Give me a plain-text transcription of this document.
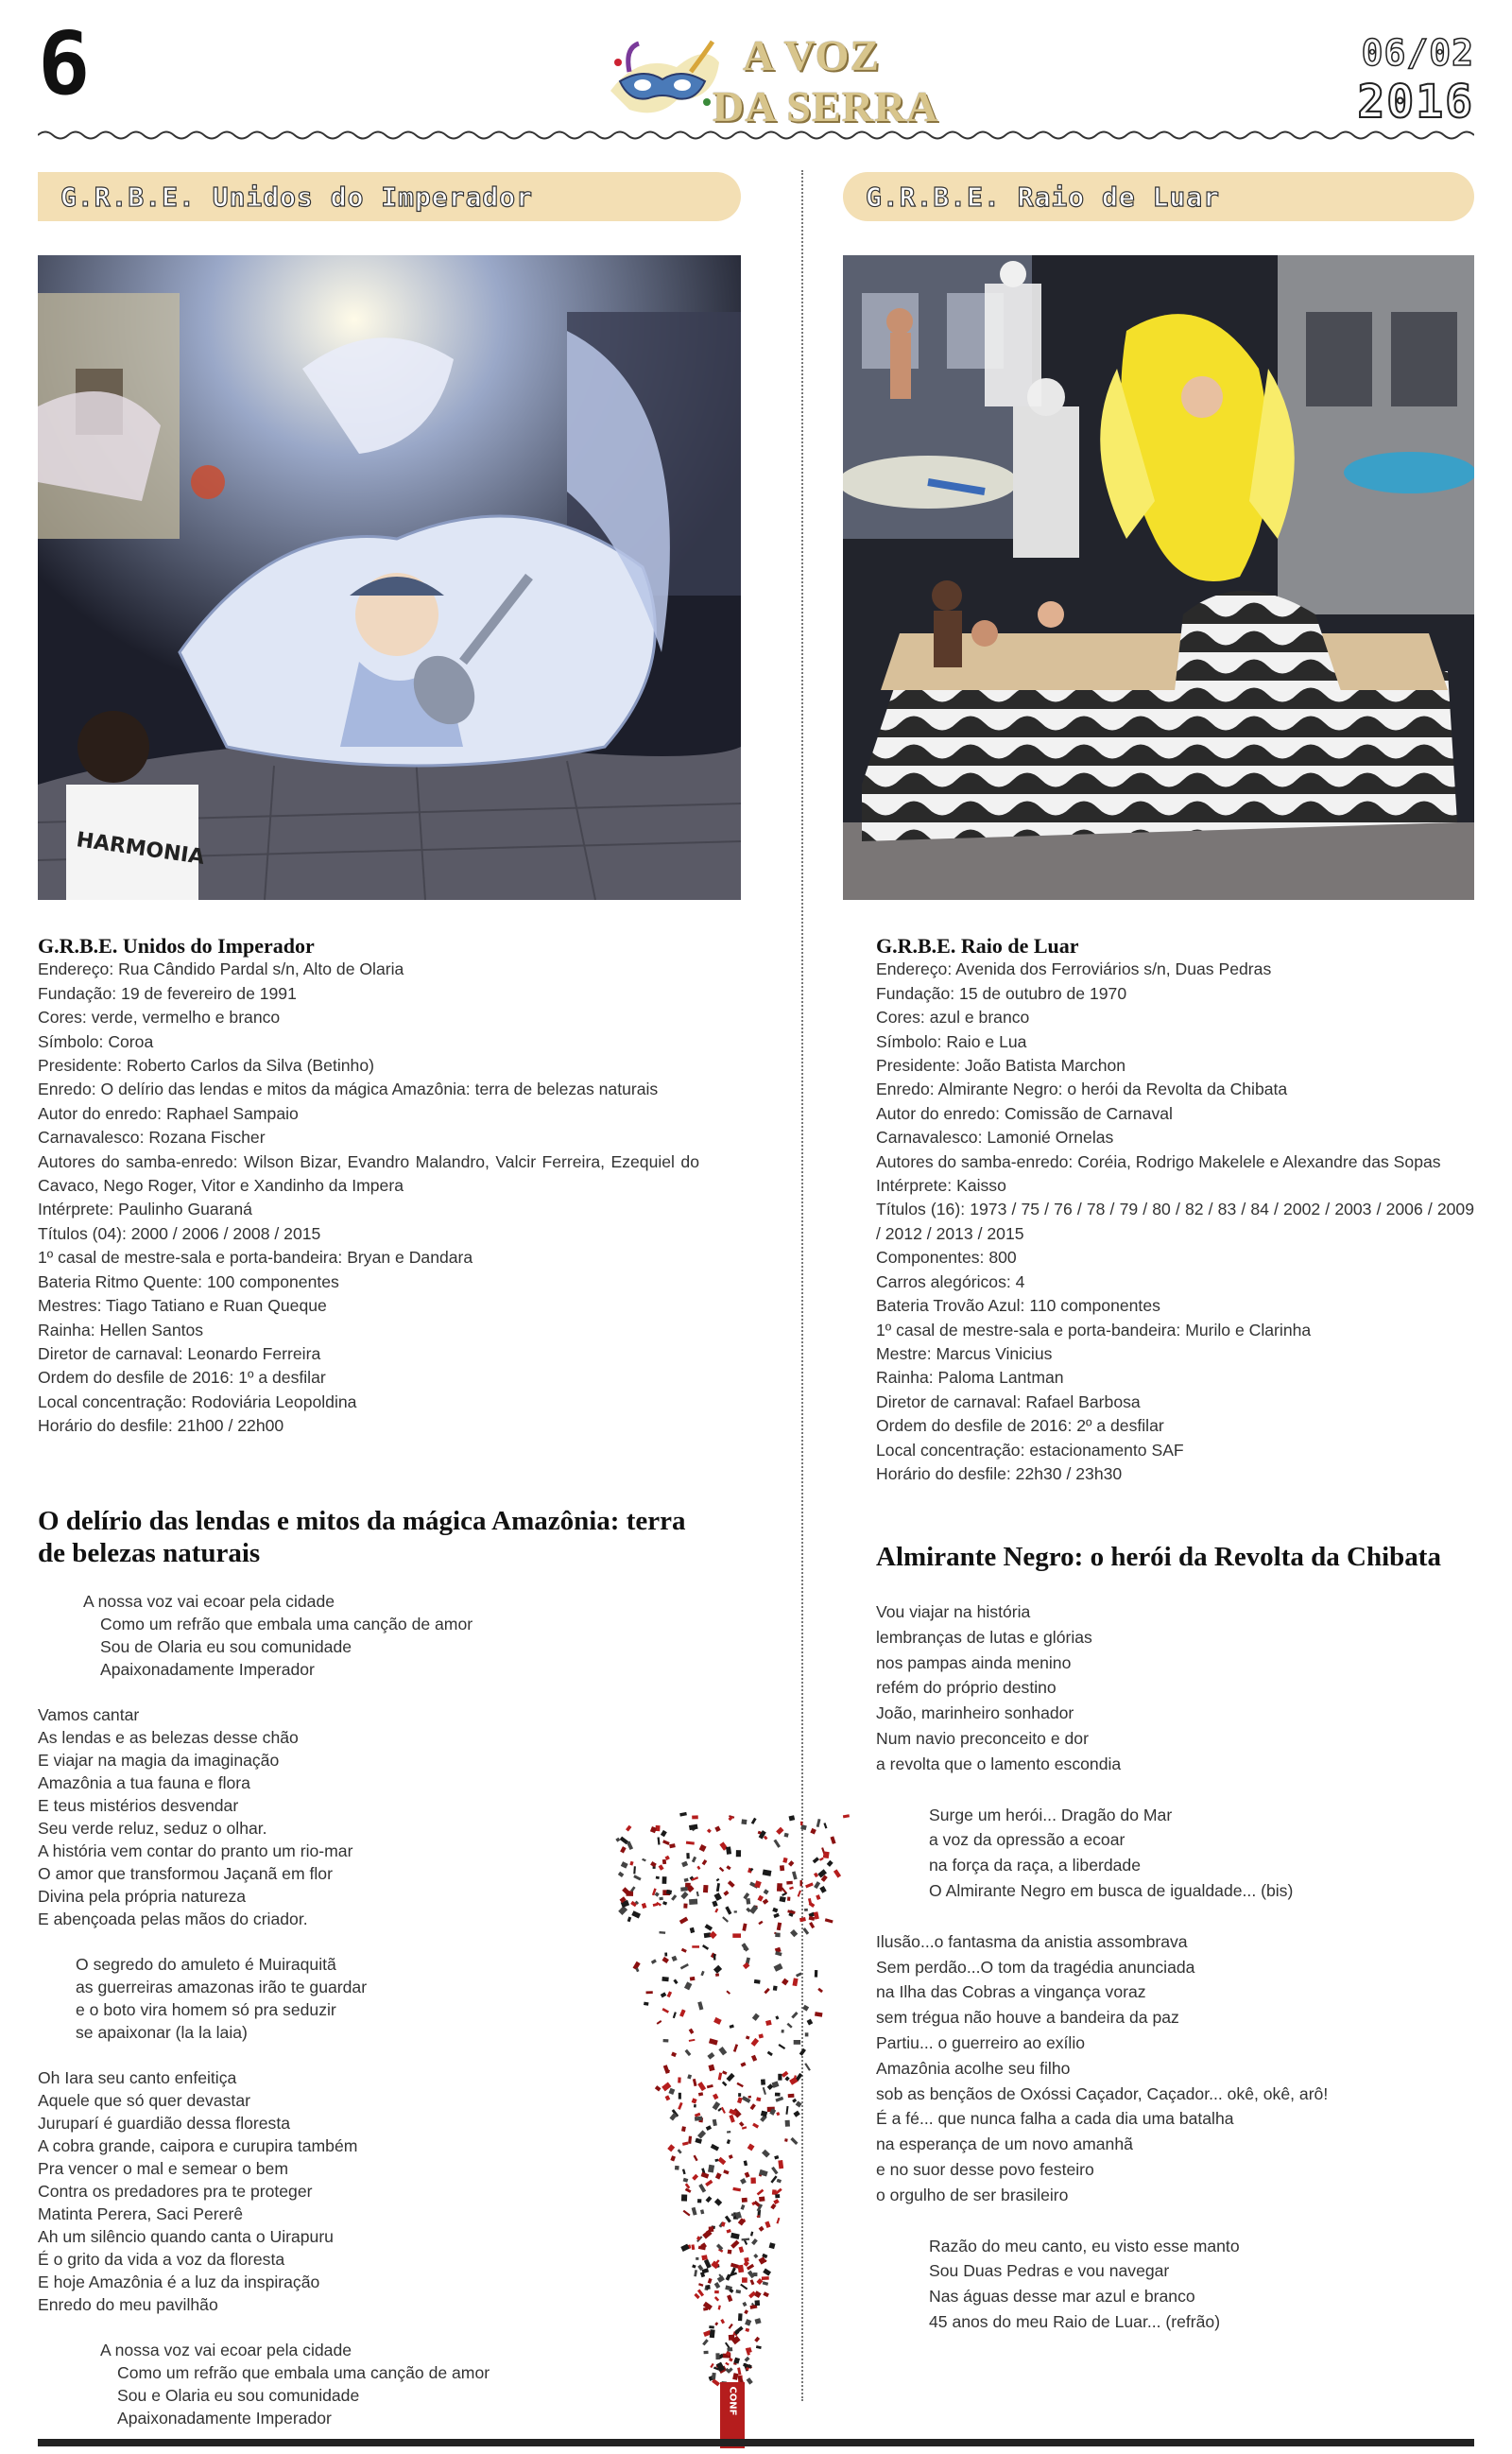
6	A VOZ
DA SERRA
06/02
2016
G.R.B.E. Unidos do Imperador	G.R.B.E. Raio de Luar
HARMONIA
G.R.B.E. Unidos do Imperador
Endereço: Rua Cândido Pardal s/n, Alto de Olaria
Fundação: 19 de fevereiro de 1991
Cores: verde, vermelho e branco
Símbolo: Coroa
Presidente: Roberto Carlos da Silva (Betinho)
Enredo: O delírio das lendas e mitos da mágica Amazônia: terra de belezas naturais
Autor do enredo: Raphael Sampaio
Carnavalesco: Rozana Fischer
Autores do samba-enredo: Wilson Bizar, Evandro Malandro, Valcir Ferreira, Ezequiel do Cavaco, Nego Roger, Vitor e Xandinho da Impera
Intérprete: Paulinho Guaraná
Títulos (04): 2000 / 2006 / 2008 / 2015
1º casal de mestre-sala e porta-bandeira: Bryan e Dandara
Bateria Ritmo Quente: 100 componentes
Mestres: Tiago Tatiano e Ruan Queque
Rainha: Hellen Santos
Diretor de carnaval: Leonardo Ferreira
Ordem do desfile de 2016: 1º a desfilar
Local concentração: Rodoviária Leopoldina
Horário do desfile: 21h00 / 22h00
G.R.B.E. Raio de Luar
Endereço: Avenida dos Ferroviários s/n, Duas Pedras
Fundação: 15 de outubro de 1970
Cores: azul e branco
Símbolo: Raio e Lua
Presidente: João Batista Marchon
Enredo: Almirante Negro: o herói da Revolta da Chibata
Autor do enredo: Comissão de Carnaval
Carnavalesco: Lamonié Ornelas
Autores do samba-enredo: Coréia, Rodrigo Makelele e Alexandre das Sopas
Intérprete: Kaisso
Títulos (16): 1973 / 75 / 76 / 78 / 79 / 80 / 82 / 83 / 84 / 2002 / 2003 / 2006 / 2009 / 2012 / 2013 / 2015
Componentes: 800
Carros alegóricos: 4
Bateria Trovão Azul: 110 componentes
1º casal de mestre-sala e porta-bandeira: Murilo e Clarinha
Mestre: Marcus Vinicius
Rainha: Paloma Lantman
Diretor de carnaval: Rafael Barbosa
Ordem do desfile de 2016: 2º a desfilar
Local concentração: estacionamento SAF
Horário do desfile: 22h30 / 23h30
O delírio das lendas e mitos da mágica Amazônia: terra de belezas naturais	Almirante Negro: o herói da Revolta da Chibata
A nossa voz vai ecoar pela cidade
Como um refrão que embala uma canção de amor
Sou de Olaria eu sou comunidade
Apaixonadamente Imperador
Vamos cantar
As lendas e as belezas desse chão
E viajar na magia da imaginação
Amazônia a tua fauna e flora
E teus mistérios desvendar
Seu verde reluz, seduz o olhar.
A história vem contar do pranto um rio-mar
O amor que transformou Jaçanã em flor
Divina pela própria natureza
E abençoada pelas mãos do criador.
O segredo do amuleto é Muiraquitã
as guerreiras amazonas irão te guardar
e o boto vira homem só pra seduzir
se apaixonar (la la laia)
Oh Iara seu canto enfeitiça
Aquele que só quer devastar
Juruparí é guardião dessa floresta
A cobra grande, caipora e curupira também
Pra vencer o mal e semear o bem
Contra os predadores pra te proteger
Matinta Perera, Saci Pererê
Ah um silêncio quando canta o Uirapuru
É o grito da vida a voz da floresta
E hoje Amazônia é a luz da inspiração
Enredo do meu pavilhão
A nossa voz vai ecoar pela cidade
Como um refrão que embala uma canção de amor
Sou e Olaria eu sou comunidade
Apaixonadamente Imperador
Vou viajar na história
lembranças de lutas e glórias
nos pampas ainda menino
refém do próprio destino
João, marinheiro sonhador
Num navio preconceito e dor
a revolta que o lamento escondia
Surge um herói... Dragão do Mar
a voz da opressão a ecoar
na força da raça, a liberdade
O Almirante Negro em busca de igualdade... (bis)
Ilusão...o fantasma da anistia assombrava
Sem perdão...O tom da tragédia anunciada
na Ilha das Cobras a vingança voraz
sem trégua não houve a bandeira da paz
Partiu... o guerreiro ao exílio
Amazônia acolhe seu filho
sob as bençãos de Oxóssi Caçador, Caçador... okê, okê, arô!
É a fé... que nunca falha a cada dia uma batalha
na esperança de um novo amanhã
e no suor desse povo festeiro
o orgulho de ser brasileiro
Razão do meu canto, eu visto esse manto
Sou Duas Pedras e vou navegar
Nas águas desse mar azul e branco
45 anos do meu Raio de Luar... (refrão)
CONF
